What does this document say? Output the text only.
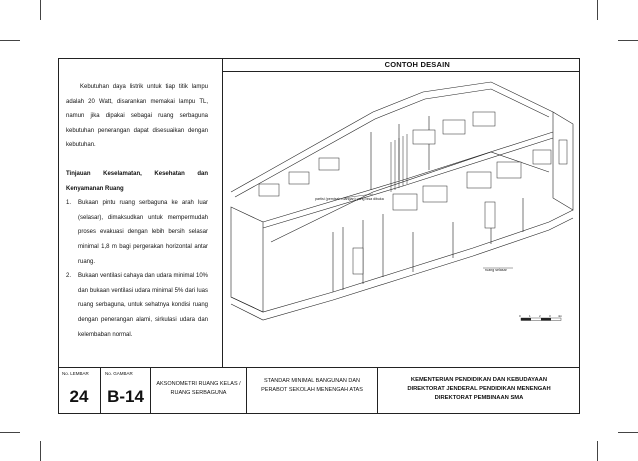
CONTOH DESAIN

Kebutuhan daya listrik untuk tiap titik lampu adalah 20 Watt, disarankan memakai lampu TL, namun jika dipakai sebagai ruang serbaguna kebutuhan penerangan dapat disesuaikan dengan kebutuhan.

Tinjauan Keselamatan, Kesehatan dan Kenyamanan Ruang

1. Bukaan pintu ruang serbaguna ke arah luar (selasar), dimaksudkan untuk mempermudah proses evakuasi dengan lebih bersih selasar minimal 1,8 m bagi pergerakan horizontal antar ruang.
2. Bukaan ventilasi cahaya dan udara minimal 10% dan bukaan ventilasi udara minimal 5% dari luas ruang serbaguna, untuk sehatnya kondisi ruang dengan penerangan alami, sirkulasi udara dan kelembaban normal.
partisi (pemisah ruangan) yang bisa dibuka
ruang selasar
0	1	2	3 4m
No. LEMBAR
24
No. GAMBAR
B-14
AKSONOMETRI RUANG KELAS / RUANG SERBAGUNA
STANDAR MINIMAL BANGUNAN DAN PERABOT SEKOLAH MENENGAH ATAS
KEMENTERIAN PENDIDIKAN DAN KEBUDAYAAN DIREKTORAT JENDERAL PENDIDIKAN MENENGAH DIREKTORAT PEMBINAAN SMA
